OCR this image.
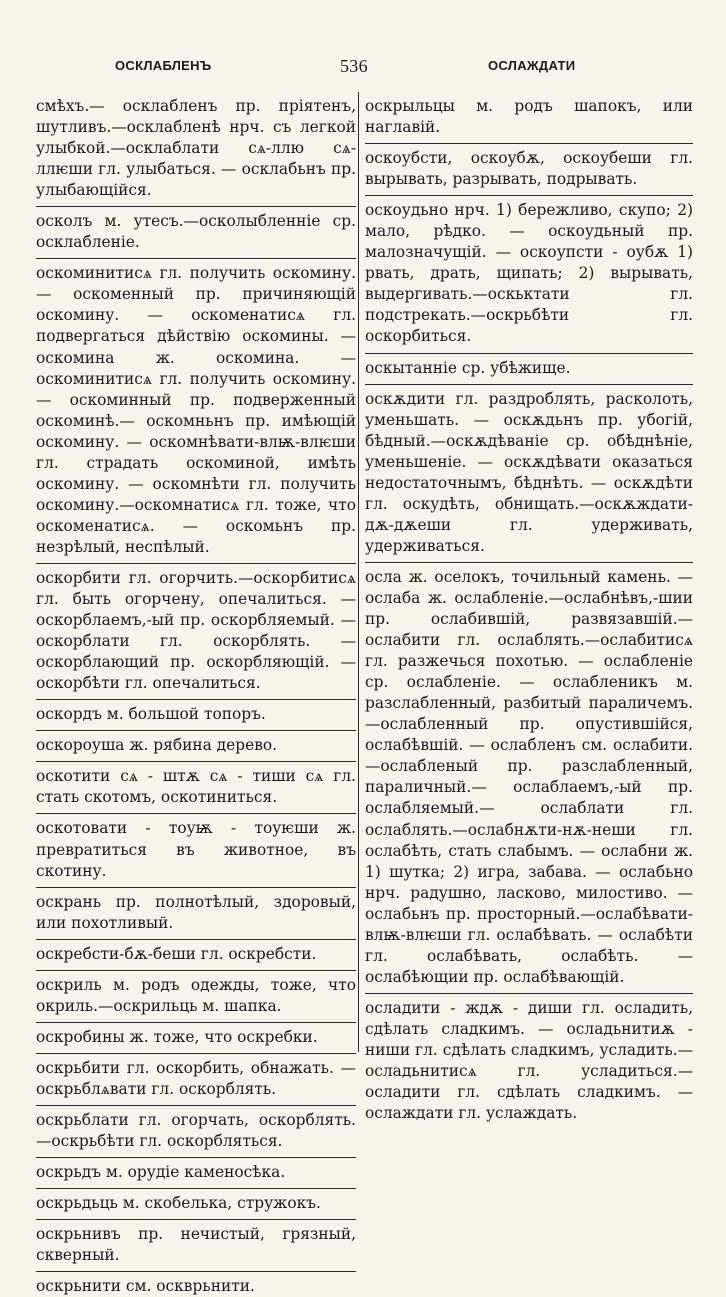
ОСКЛАБЛЕНЪ	536	ОСЛАЖДАТИ

смѣхъ.— осклабленъ пр. пріятенъ, шутливъ.—осклабленѣ нрч. съ легкой улыбкой.—осклаблати сѧ-ллю сѧ-ллѥши гл. улыбаться. — осклабьнъ пр. улыбающійся.

осколъ м. утесъ.—осколыбленніе ср. осклабленіе.

оскоминитисѧ гл. получить оскомину. — оскоменный пр. причиняющій оскомину. — оскоменатисѧ гл. подвергаться дѣйствію оскомины. —оскомина ж. оскомина. — оскоминитисѧ гл. получить оскомину. — оскоминный пр. подверженный оскоминѣ.— оскомньнъ пр. имѣющій оскомину. — оскомнѣвати-влѭ-влѥши гл. страдать оскоминой, имѣть оскомину. — оскомнѣти гл. получить оскомину.—оскомнатисѧ гл. тоже, что оскоменатисѧ. — оскомьнъ пр. незрѣлый, неспѣлый.

оскорбити гл. огорчить.—оскорбитисѧ гл. быть огорчену, опечалиться. —оскорблаемъ,-ый пр. оскорбляемый. — оскорблати гл. оскорблять. — оскорблающий пр. оскорбляющій. — оскорбѣти гл. опечалиться.

оскордъ м. большой топоръ.

оскороуша ж. рябина дерево.

оскотити сѧ - штѫ сѧ - тиши сѧ гл. стать скотомъ, оскотиниться.

оскотовати - тоуѭ - тоуѥши ж. превратиться въ животное, въ скотину.

оскрань пр. полнотѣлый, здоровый, или похотливый.

оскребсти-бѫ-беши гл. оскребсти.

оскриль м. родъ одежды, тоже, что окриль.—оскрильць м. шапка.

оскробины ж. тоже, что оскребки.

оскрьбити гл. оскорбить, обнажать. —оскрьблѧвати гл. оскорблять.

оскрьблати гл. огорчать, оскорблять. —оскрьбѣти гл. оскорбляться.

оскрьдъ м. орудіе каменосѣка.

оскрьдьць м. скобелька, стружокъ.

оскрьнивъ пр. нечистый, грязный, скверный.

оскрьнити см. оскврьнити.

оскрыльцы м. родъ шапокъ, или наглавій.

оскоубсти, оскоубѫ, оскоубеши гл. вырывать, разрывать, подрывать.

оскоудьно нрч. 1) бережливо, скупо; 2) мало, рѣдко. — оскоудьный пр. малозначущій. — оскоупсти - оубѫ 1) рвать, драть, щипать; 2) вырывать, выдергивать.—оскьктати гл. подстрекать.—оскрьбѣти гл. оскорбиться.

оскытанніе ср. убѣжище.

оскѫдити гл. раздроблять, расколоть, уменьшать. — оскѫдьнъ пр. убогій, бѣдный.—оскѫдѣваніе ср. обѣднѣніе, уменьшеніе. — оскѫдѣвати оказаться недостаточнымъ, бѣднѣть. — оскѫдѣти гл. оскудѣть, обнищать.—оскѫждати-дѫ-дѫеши гл. удерживать, удерживаться.

осла ж. оселокъ, точильный камень. —ослаба ж. ослабленіе.—ослабнѣвъ,-шии пр. ослабившій, развязавшій.—ослабити гл. ослаблять.—ослабитисѧ гл. разжечься похотью. — ослабленіе ср. ослабленіе. — ослабленикъ м. разслабленный, разбитый параличемъ.—ослабленный пр. опустившійся, ослабѣвшій. — ослабленъ см. ослабити.—ослабленый пр. разслабленный, параличный.— ослаблаемъ,-ый пр. ослабляемый.— ослаблати гл. ослаблять.—ослабнѫти-нѫ-неши гл. ослабѣть, стать слабымъ. — ослабни ж. 1) шутка; 2) игра, забава. — ослабьно нрч. радушно, ласково, милостиво. — ослабьнъ пр. просторный.—ослабѣвати-влѭ-влѥши гл. ослабѣвать. — ослабѣти гл. ослабѣвать, ослабѣть. — ослабѣющии пр. ослабѣвающій.

осладити - ждѫ - диши гл. осладить, сдѣлать сладкимъ. — осладьнитиѫ - ниши гл. сдѣлать сладкимъ, усладить.—осладьнитисѧ гл. усладиться.—осладити гл. сдѣлать сладкимъ. — ослаждати гл. услаждать.
